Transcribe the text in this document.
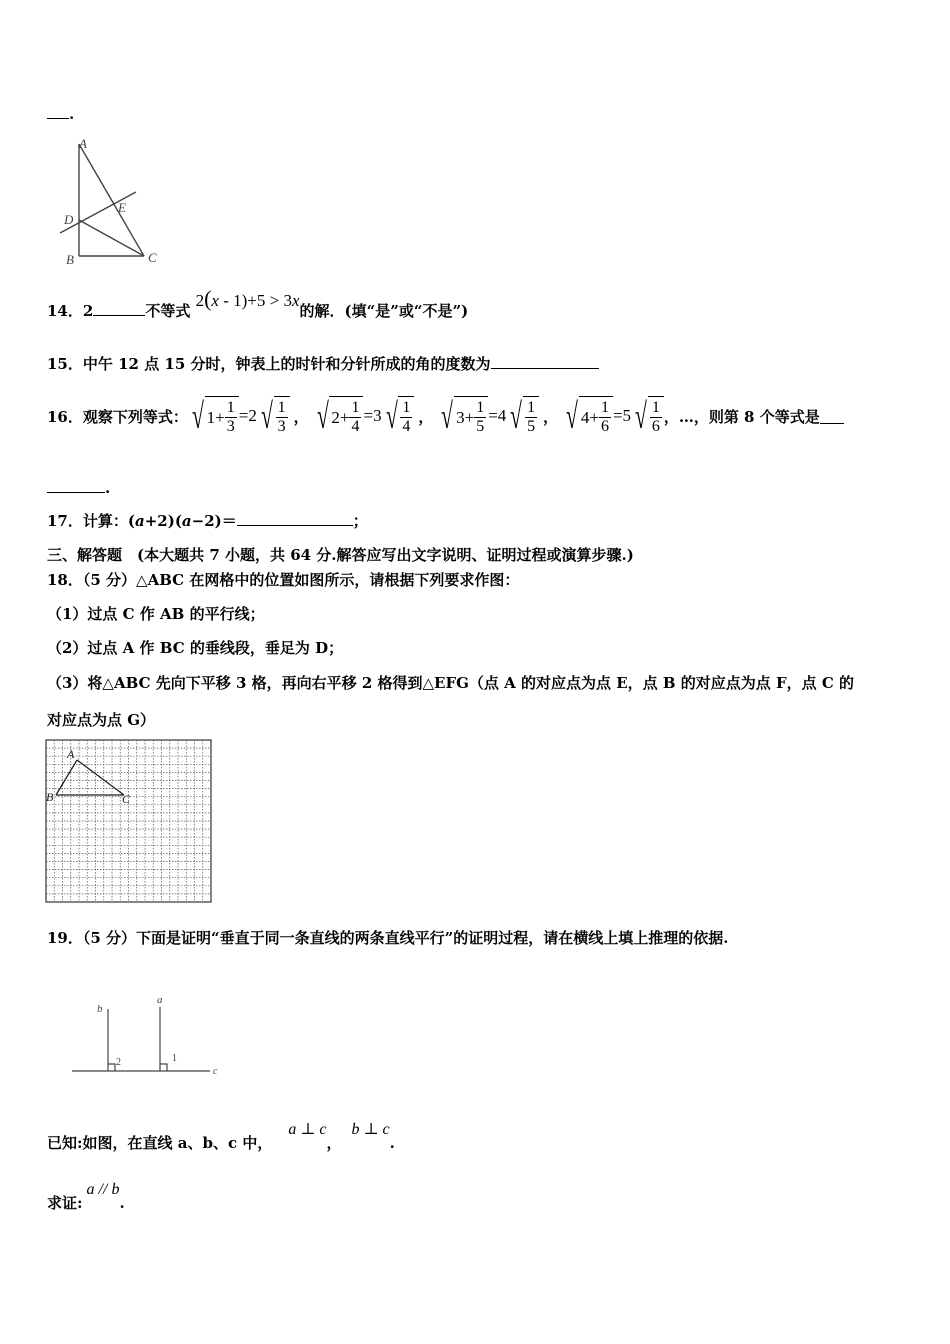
.
A
D
E
B	C
14．2	不等式 2(x - 1)+5 > 3x的解．(填“是”或“不是”)
15．中午 12 点 15 分时，钟表上的时针和分针所成的角的度数为
16． 观察下列等式： √ $1+ \frac{1}{3} =2$ √ $\frac{1}{3}$ ， √ $2+ \frac{1}{4} =3$ √ $\frac{1}{4}$ ， √ $3+ \frac{1}{5} =4$ √ $\frac{1}{5}$ ， √ $4+ \frac{1}{6} =5$ √ $\frac{1}{6}$ ，…，则第 8 个等式是
.
17．计算：(a+2)(a−2)＝	；
三、解答题　(本大题共 7 小题，共 64 分.解答应写出文字说明、证明过程或演算步骤.)
18．（5 分）△ABC 在网格中的位置如图所示，请根据下列要求作图：
（1）过点 C 作 AB 的平行线；
（2）过点 A 作 BC 的垂线段，垂足为 D；
（3）将△ABC 先向下平移 3 格，再向右平移 2 格得到△EFG（点 A 的对应点为点 E，点 B 的对应点为点 F，点 C 的
对应点为点 G）
A
B	C
19．（5 分）下面是证明“垂直于同一条直线的两条直线平行”的证明过程，请在横线上填上推理的依据.
b
a
c
1
2
已知:如图，在直线 a、b、c 中，a ⊥ c，b ⊥ c.
求证:a // b.
